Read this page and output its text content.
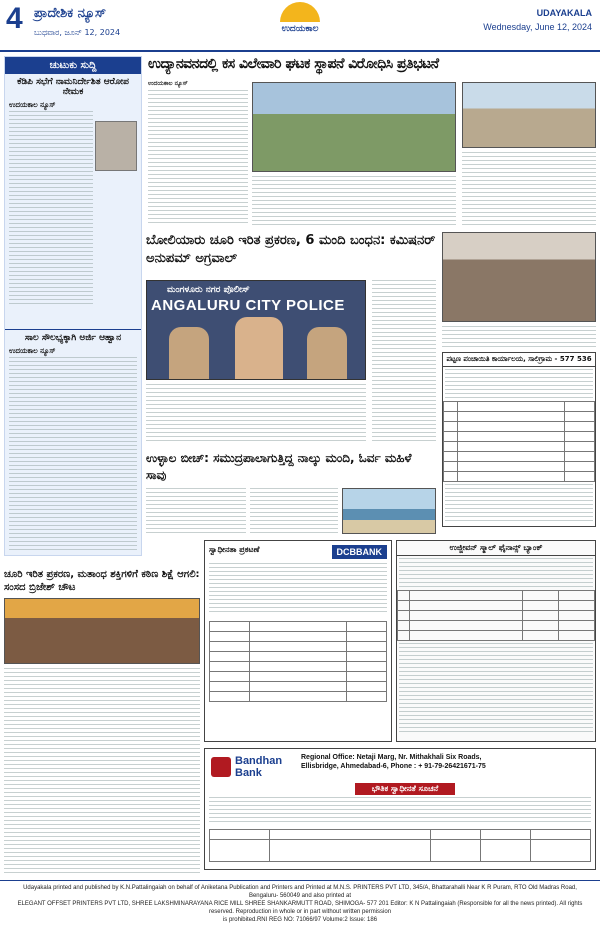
4 ಪ್ರಾದೇಶಿಕ ನ್ಯೂಸ್
ಬುಧವಾರ, ಜೂನ್ 12, 2024	ಉದಯಕಾಲ
UDAYAKALA
Wednesday, June 12, 2024
ಚುಟುಕು ಸುದ್ದಿ
ಕೆಡಿಪಿ ಸಭೆಗೆ ನಾಮನಿರ್ದೇಶಿತ ಆರೋಪ ನೇಮಕ
ಉದಯಕಾಲ ನ್ಯೂಸ್
ಸಾಲ ಸೌಲಭ್ಯಕ್ಕಾಗಿ ಅರ್ಜಿ ಆಹ್ವಾನ
ಉದಯಕಾಲ ನ್ಯೂಸ್
ಉದ್ಯಾನವನದಲ್ಲಿ ಕಸ ವಿಲೇವಾರಿ ಘಟಕ ಸ್ಥಾಪನೆ ವಿರೋಧಿಸಿ ಪ್ರತಿಭಟನೆ
ಉದಯಕಾಲ ನ್ಯೂಸ್
ಬೋಲಿಯಾರು ಚೂರಿ ಇರಿತ ಪ್ರಕರಣ, 6 ಮಂದಿ ಬಂಧನ: ಕಮಿಷನರ್ ಅನುಪಮ್ ಅಗ್ರವಾಲ್
ಮಂಗಳೂರು ನಗರ ಪೊಲೀಸ್
ANGALURU CITY POLICE
ಪಟ್ಟಣ ಪಂಚಾಯಿತಿ ಕಾರ್ಯಾಲಯ, ಸಾಲಿಗ್ರಾಮ - 577 536

ಉಳ್ಳಾಲ ಬೀಚ್: ಸಮುದ್ರಪಾಲಾಗುತ್ತಿದ್ದ ನಾಲ್ಕು ಮಂದಿ, ಓರ್ವ ಮಹಿಳೆ ಸಾವು
ಚೂರಿ ಇರಿತ ಪ್ರಕರಣ, ಮತಾಂಧ ಶಕ್ತಿಗಳಿಗೆ ಕಠಿಣ ಶಿಕ್ಷೆ ಆಗಲಿ: ಸಂಸದ ಬ್ರಿಜೇಶ್ ಚೌಟ
ಸ್ವಾಧೀನತಾ ಪ್ರಕಟಣೆ	DCBBANK

			ಉಜ್ಜೀವನ್ ಸ್ಮಾಲ್ ಫೈನಾನ್ಸ್ ಬ್ಯಾಂಕ್

Bandhan
Bank
Regional Office: Netaji Marg, Nr. Mithakhali Six Roads,
Ellisbridge, Ahmedabad-6, Phone : + 91-79-26421671-75
ಭೌತಿಕ ಸ್ವಾಧೀನತೆ ಸೂಚನೆ

Udayakala printed and published by K.N.Pattalingaiah on behalf of Aniketana Publication and Printers and Printed at M.N.S. PRINTERS PVT LTD, 345/A, Bhattarahalli Near K R Puram, RTO Old Madras Road, Bengaluru- 560049 and also printed at
ELEGANT OFFSET PRINTERS PVT LTD, SHREE LAKSHMINARAYANA RICE MILL SHREE SHANKARMUTT ROAD, SHIMOGA- 577 201 Editor: K N Pattalingaiah (Responsible for all the news printed). All rights reserved. Reproduction in whole or in part without written permission
is prohibited.RNI REG NO: 71066/97 Volume:2 Issue: 186
